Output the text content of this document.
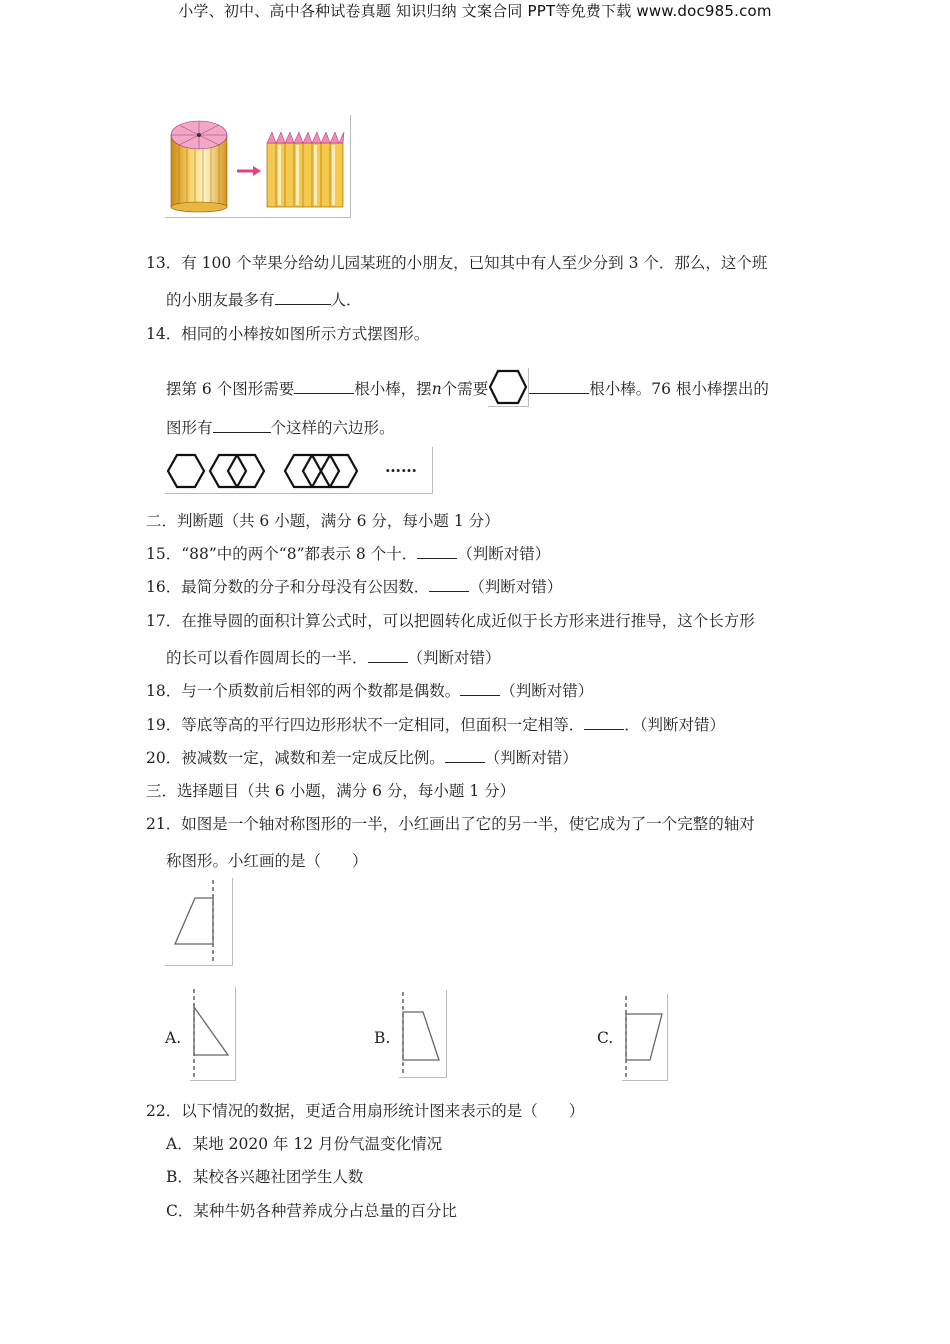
小学、初中、高中各种试卷真题 知识归纳 文案合同 PPT等免费下载 www.doc985.com
13．有 100 个苹果分给幼儿园某班的小朋友，已知其中有人至少分到 3 个．那么，这个班
的小朋友最多有	人．
14．相同的小棒按如图所示方式摆图形。
摆第 6 个图形需要	根小棒，摆n个需要	根小棒。76 根小棒摆出的
图形有	个这样的六边形。
……
二．判断题（共 6 小题，满分 6 分，每小题 1 分）
15．“88”中的两个“8”都表示 8 个十．	（判断对错）
16．最简分数的分子和分母没有公因数．	（判断对错）
17．在推导圆的面积计算公式时，可以把圆转化成近似于长方形来进行推导，这个长方形
的长可以看作圆周长的一半．	（判断对错）
18．与一个质数前后相邻的两个数都是偶数。	（判断对错）
19．等底等高的平行四边形形状不一定相同，但面积一定相等．	．（判断对错）
20．被减数一定，减数和差一定成反比例。	（判断对错）
三．选择题目（共 6 小题，满分 6 分，每小题 1 分）
21．如图是一个轴对称图形的一半，小红画出了它的另一半，使它成为了一个完整的轴对
称图形。小红画的是（　　）
A.	B.	C.
22．以下情况的数据，更适合用扇形统计图来表示的是（　　）
A．某地 2020 年 12 月份气温变化情况
B．某校各兴趣社团学生人数
C．某种牛奶各种营养成分占总量的百分比
